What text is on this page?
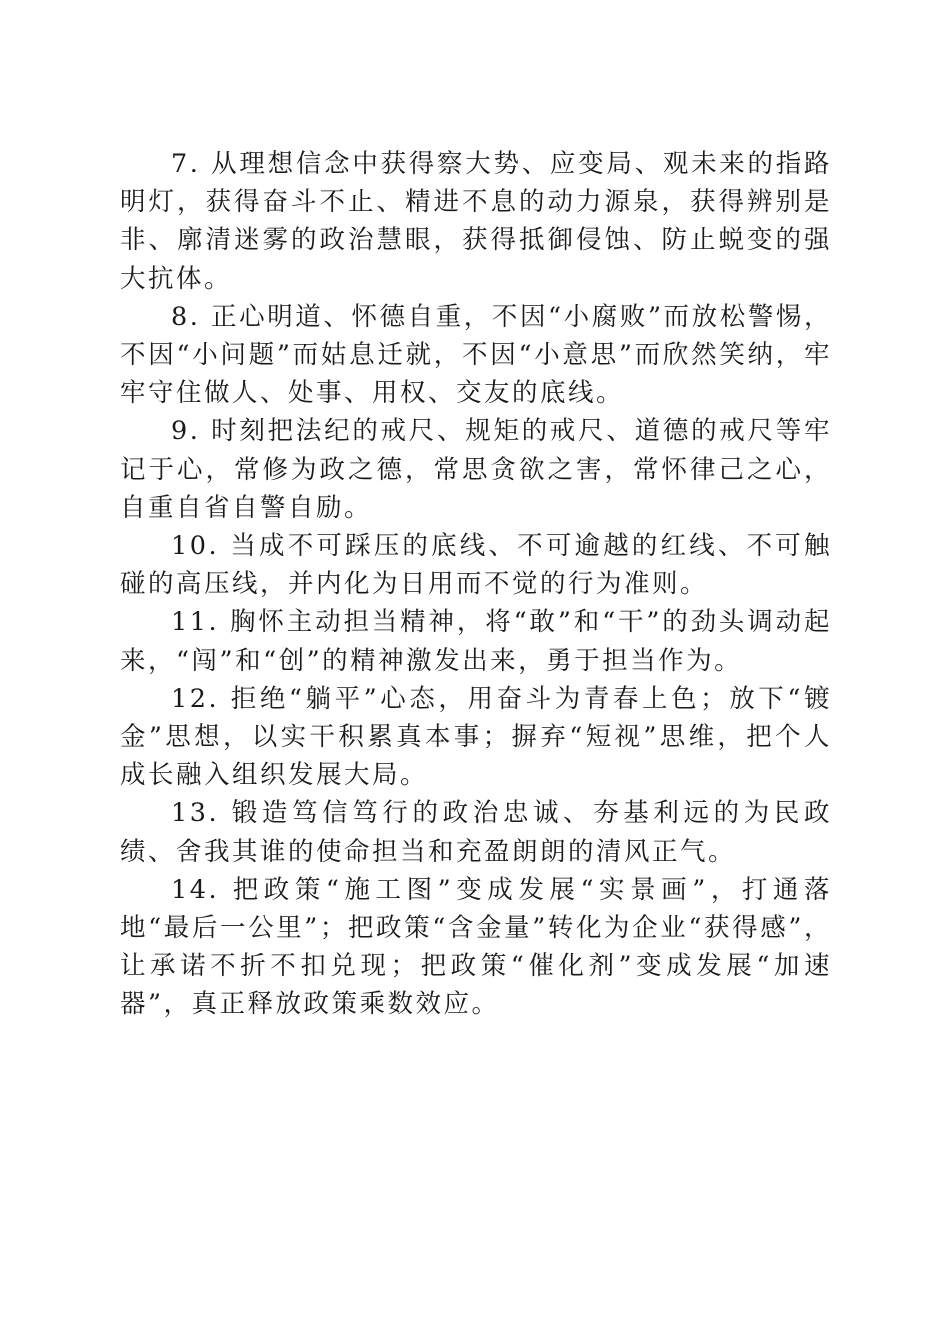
7. 从理想信念中获得察大势、应变局、观未来的指路明灯，获得奋斗不止、精进不息的动力源泉，获得辨别是非、廓清迷雾的政治慧眼，获得抵御侵蚀、防止蜕变的强大抗体。

8. 正心明道、怀德自重，不因“小腐败”而放松警惕，不因“小问题”而姑息迁就，不因“小意思”而欣然笑纳，牢牢守住做人、处事、用权、交友的底线。

9. 时刻把法纪的戒尺、规矩的戒尺、道德的戒尺等牢记于心，常修为政之德，常思贪欲之害，常怀律己之心，自重自省自警自励。

10. 当成不可踩压的底线、不可逾越的红线、不可触碰的高压线，并内化为日用而不觉的行为准则。

11. 胸怀主动担当精神，将“敢”和“干”的劲头调动起来，“闯”和“创”的精神激发出来，勇于担当作为。

12. 拒绝“躺平”心态，用奋斗为青春上色；放下“镀金”思想，以实干积累真本事；摒弃“短视”思维，把个人成长融入组织发展大局。

13. 锻造笃信笃行的政治忠诚、夯基利远的为民政绩、舍我其谁的使命担当和充盈朗朗的清风正气。

14. 把政策“施工图”变成发展“实景画”，打通落地“最后一公里”；把政策“含金量”转化为企业“获得感”，让承诺不折不扣兑现；把政策“催化剂”变成发展“加速器”，真正释放政策乘数效应。
